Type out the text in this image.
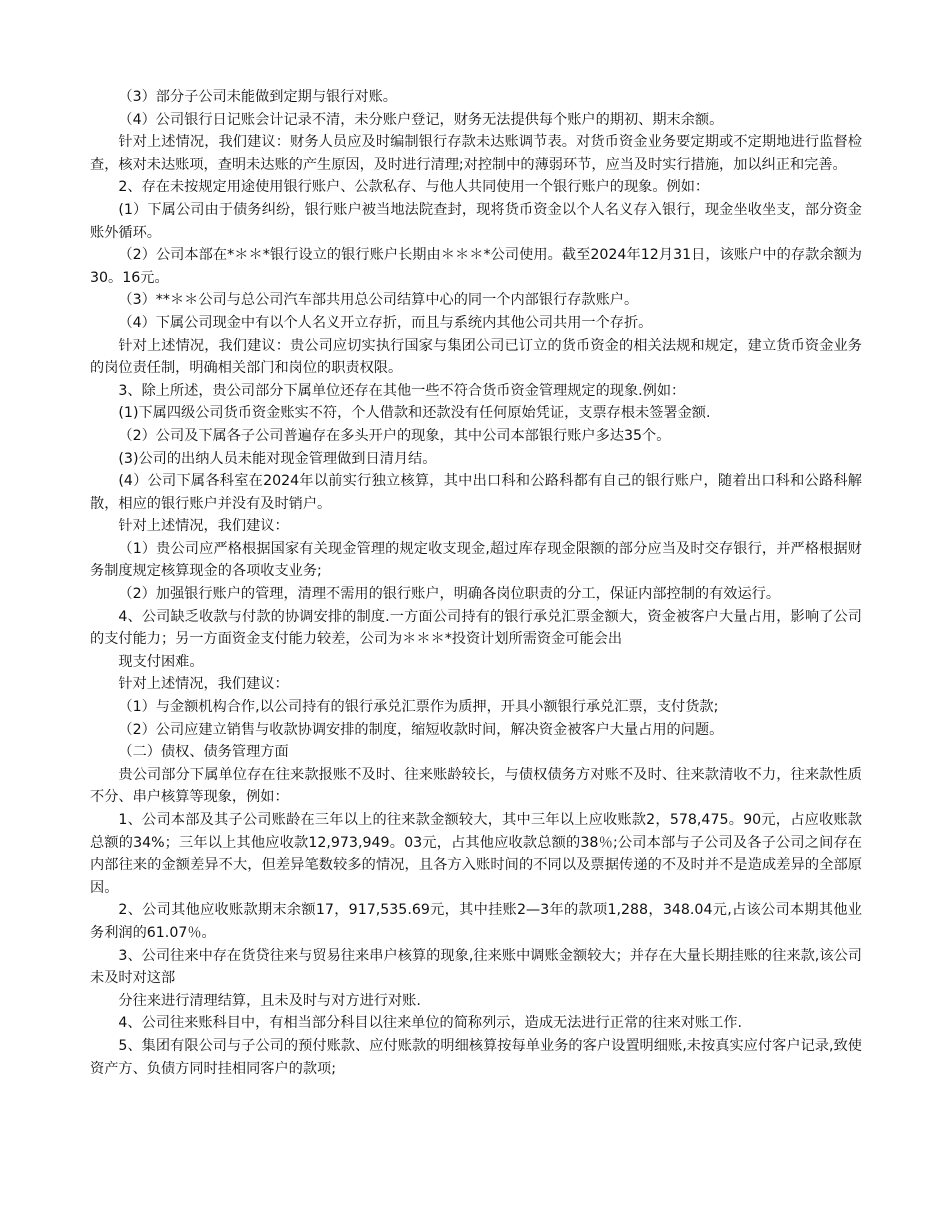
（3）部分子公司未能做到定期与银行对账。

（4）公司银行日记账会计记录不清，未分账户登记，财务无法提供每个账户的期初、期末余额。

针对上述情况，我们建议：财务人员应及时编制银行存款未达账调节表。对货币资金业务要定期或不定期地进行监督检查，核对未达账项，查明未达账的产生原因，及时进行清理;对控制中的薄弱环节，应当及时实行措施，加以纠正和完善。

2、存在未按规定用途使用银行账户、公款私存、与他人共同使用一个银行账户的现象。例如：

(1）下属公司由于债务纠纷，银行账户被当地法院查封，现将货币资金以个人名义存入银行，现金坐收坐支，部分资金账外循环。

（2）公司本部在*＊＊*银行设立的银行账户长期由＊＊＊*公司使用。截至2024年12月31日，该账户中的存款余额为30。16元。

（3）**＊＊公司与总公司汽车部共用总公司结算中心的同一个内部银行存款账户。

（4）下属公司现金中有以个人名义开立存折，而且与系统内其他公司共用一个存折。

针对上述情况，我们建议：贵公司应切实执行国家与集团公司已订立的货币资金的相关法规和规定，建立货币资金业务的岗位责任制，明确相关部门和岗位的职责权限。

3、除上所述，贵公司部分下属单位还存在其他一些不符合货币资金管理规定的现象.例如：

(1)下属四级公司货币资金账实不符，个人借款和还款没有任何原始凭证，支票存根未签署金额.

（2）公司及下属各子公司普遍存在多头开户的现象，其中公司本部银行账户多达35个。

(3)公司的出纳人员未能对现金管理做到日清月结。

(4）公司下属各科室在2024年以前实行独立核算，其中出口科和公路科都有自己的银行账户，随着出口科和公路科解散，相应的银行账户并没有及时销户。

针对上述情况，我们建议：

（1）贵公司应严格根据国家有关现金管理的规定收支现金,超过库存现金限额的部分应当及时交存银行，并严格根据财务制度规定核算现金的各项收支业务;

（2）加强银行账户的管理，清理不需用的银行账户，明确各岗位职责的分工，保证内部控制的有效运行。

4、公司缺乏收款与付款的协调安排的制度.一方面公司持有的银行承兑汇票金额大，资金被客户大量占用，影响了公司的支付能力；另一方面资金支付能力较差，公司为＊＊＊*投资计划所需资金可能会出

现支付困难。

针对上述情况，我们建议：

（1）与金额机构合作,以公司持有的银行承兑汇票作为质押，开具小额银行承兑汇票，支付货款;

（2）公司应建立销售与收款协调安排的制度，缩短收款时间，解决资金被客户大量占用的问题。

（二）债权、债务管理方面

贵公司部分下属单位存在往来款报账不及时、往来账龄较长，与债权债务方对账不及时、往来款清收不力，往来款性质不分、串户核算等现象，例如：

1、公司本部及其子公司账龄在三年以上的往来款金额较大，其中三年以上应收账款2，578,475。90元，占应收账款总额的34%；三年以上其他应收款12,973,949。03元，占其他应收款总额的38％;公司本部与子公司及各子公司之间存在内部往来的金额差异不大，但差异笔数较多的情况，且各方入账时间的不同以及票据传递的不及时并不是造成差异的全部原因。

2、公司其他应收账款期末余额17，917,535.69元，其中挂账2—3年的款项1,288，348.04元,占该公司本期其他业务利润的61.07％。

3、公司往来中存在货贷往来与贸易往来串户核算的现象,往来账中调账金额较大；并存在大量长期挂账的往来款,该公司未及时对这部

分往来进行清理结算，且未及时与对方进行对账.

4、公司往来账科目中，有相当部分科目以往来单位的简称列示，造成无法进行正常的往来对账工作.

5、集团有限公司与子公司的预付账款、应付账款的明细核算按每单业务的客户设置明细账,未按真实应付客户记录,致使资产方、负债方同时挂相同客户的款项;
